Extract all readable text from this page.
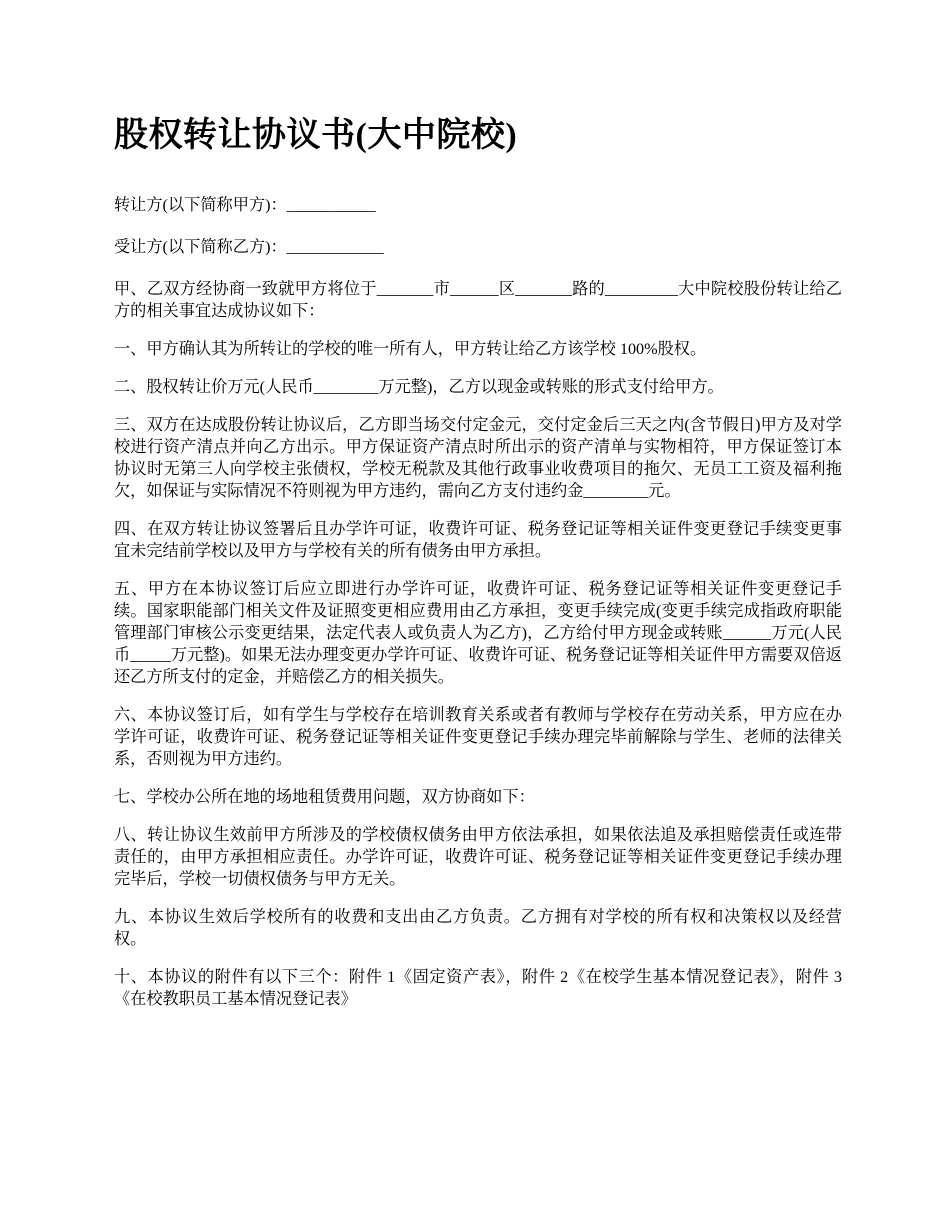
股权转让协议书(大中院校)

转让方(以下简称甲方)：___________

受让方(以下简称乙方)：____________

甲、乙双方经协商一致就甲方将位于_______市______区_______路的_________大中院校股份转让给乙方的相关事宜达成协议如下：

一、甲方确认其为所转让的学校的唯一所有人，甲方转让给乙方该学校 100%股权。

二、股权转让价万元(人民币________万元整)，乙方以现金或转账的形式支付给甲方。

三、双方在达成股份转让协议后，乙方即当场交付定金元，交付定金后三天之内(含节假日)甲方及对学校进行资产清点并向乙方出示。甲方保证资产清点时所出示的资产清单与实物相符，甲方保证签订本协议时无第三人向学校主张债权，学校无税款及其他行政事业收费项目的拖欠、无员工工资及福利拖欠，如保证与实际情况不符则视为甲方违约，需向乙方支付违约金________元。

四、在双方转让协议签署后且办学许可证，收费许可证、税务登记证等相关证件变更登记手续变更事宜未完结前学校以及甲方与学校有关的所有债务由甲方承担。

五、甲方在本协议签订后应立即进行办学许可证，收费许可证、税务登记证等相关证件变更登记手续。国家职能部门相关文件及证照变更相应费用由乙方承担，变更手续完成(变更手续完成指政府职能管理部门审核公示变更结果，法定代表人或负责人为乙方)，乙方给付甲方现金或转账______万元(人民币_____万元整)。如果无法办理变更办学许可证、收费许可证、税务登记证等相关证件甲方需要双倍返还乙方所支付的定金，并赔偿乙方的相关损失。

六、本协议签订后，如有学生与学校存在培训教育关系或者有教师与学校存在劳动关系，甲方应在办学许可证，收费许可证、税务登记证等相关证件变更登记手续办理完毕前解除与学生、老师的法律关系，否则视为甲方违约。

七、学校办公所在地的场地租赁费用问题，双方协商如下：

八、转让协议生效前甲方所涉及的学校债权债务由甲方依法承担，如果依法追及承担赔偿责任或连带责任的，由甲方承担相应责任。办学许可证，收费许可证、税务登记证等相关证件变更登记手续办理完毕后，学校一切债权债务与甲方无关。

九、本协议生效后学校所有的收费和支出由乙方负责。乙方拥有对学校的所有权和决策权以及经营权。

十、本协议的附件有以下三个：附件 1《固定资产表》，附件 2《在校学生基本情况登记表》，附件 3《在校教职员工基本情况登记表》
